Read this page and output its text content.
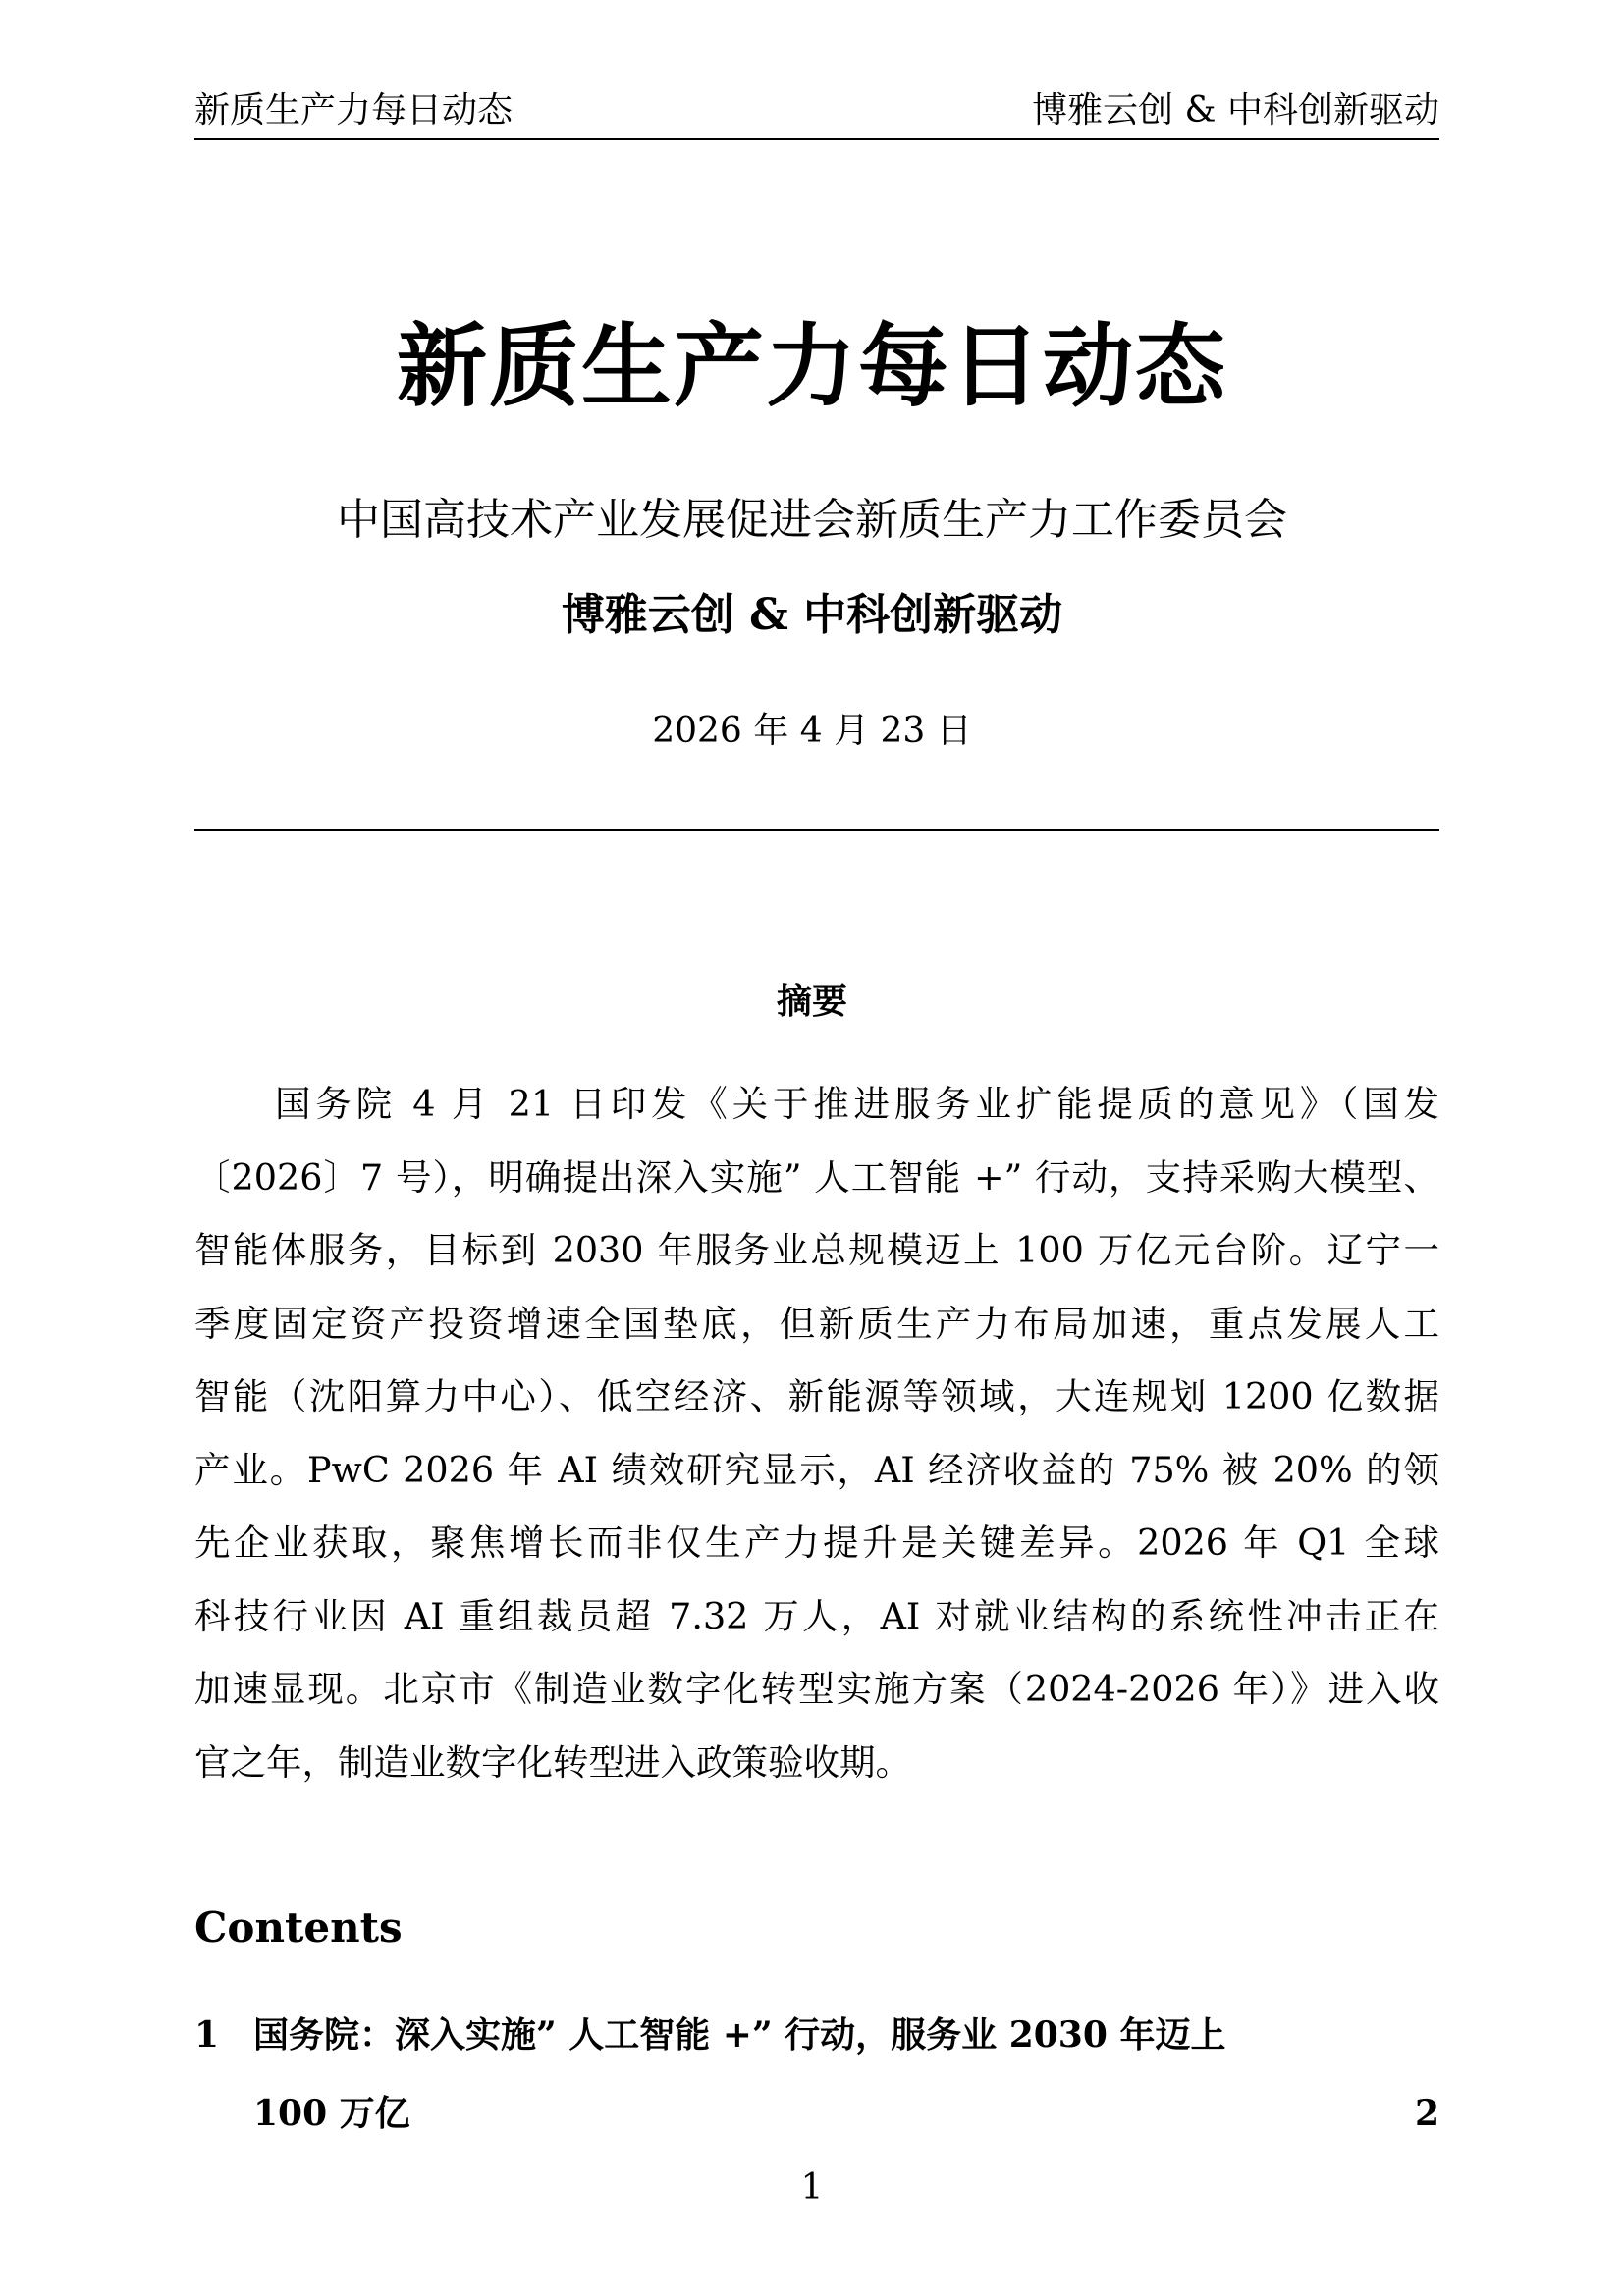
新质生产力每日动态	博雅云创 & 中科创新驱动
新质生产力每日动态
中国高技术产业发展促进会新质生产力工作委员会
博雅云创 & 中科创新驱动
2026 年 4 月 23 日
摘要
国务院 4 月 21 日印发《关于推进服务业扩能提质的意见》（国发
〔2026〕7 号），明确提出深入实施” 人工智能 +” 行动，支持采购大模型、
智能体服务，目标到 2030 年服务业总规模迈上 100 万亿元台阶。辽宁一
季度固定资产投资增速全国垫底，但新质生产力布局加速，重点发展人工
智能（沈阳算力中心）、低空经济、新能源等领域，大连规划 1200 亿数据
产业。PwC 2026 年 AI 绩效研究显示，AI 经济收益的 75% 被 20% 的领
先企业获取，聚焦增长而非仅生产力提升是关键差异。2026 年 Q1 全球
科技行业因 AI 重组裁员超 7.32 万人，AI 对就业结构的系统性冲击正在
加速显现。北京市《制造业数字化转型实施方案（2024-2026 年）》进入收
官之年，制造业数字化转型进入政策验收期。
Contents
1 国务院：深入实施” 人工智能 +” 行动，服务业 2030 年迈上
100 万亿	2
1
